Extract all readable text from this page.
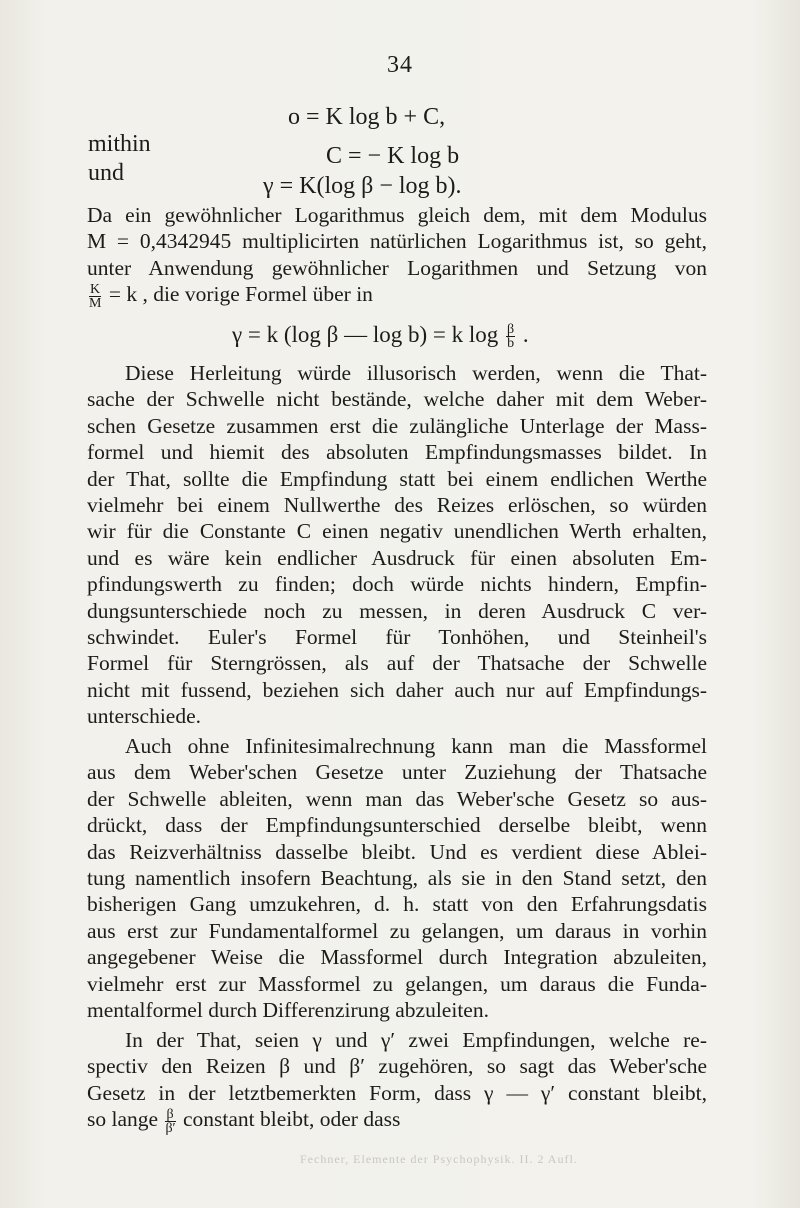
34
o = K log b + C,
mithin	C = − K log b
und	γ = K(log β − log b).
Da ein gewöhnlicher Logarithmus gleich dem, mit dem Modulus
M = 0,4342945 multiplicirten natürlichen Logarithmus ist, so geht,
unter Anwendung gewöhnlicher Logarithmen und Setzung von
$\frac{K}{M} = k$ , die vorige Formel über in
γ = k (log β — log b) = k $\log \frac{\beta}{b}$ .
Diese Herleitung würde illusorisch werden, wenn die That-
sache der Schwelle nicht bestände, welche daher mit dem Weber-
schen Gesetze zusammen erst die zulängliche Unterlage der Mass-
formel und hiemit des absoluten Empfindungsmasses bildet. In
der That, sollte die Empfindung statt bei einem endlichen Werthe
vielmehr bei einem Nullwerthe des Reizes erlöschen, so würden
wir für die Constante C einen negativ unendlichen Werth erhalten,
und es wäre kein endlicher Ausdruck für einen absoluten Em-
pfindungswerth zu finden; doch würde nichts hindern, Empfin-
dungsunterschiede noch zu messen, in deren Ausdruck C ver-
schwindet. Euler's Formel für Tonhöhen, und Steinheil's
Formel für Sterngrössen, als auf der Thatsache der Schwelle
nicht mit fussend, beziehen sich daher auch nur auf Empfindungs-
unterschiede.
Auch ohne Infinitesimalrechnung kann man die Massformel
aus dem Weber'schen Gesetze unter Zuziehung der Thatsache
der Schwelle ableiten, wenn man das Weber'sche Gesetz so aus-
drückt, dass der Empfindungsunterschied derselbe bleibt, wenn
das Reizverhältniss dasselbe bleibt. Und es verdient diese Ablei-
tung namentlich insofern Beachtung, als sie in den Stand setzt, den
bisherigen Gang umzukehren, d. h. statt von den Erfahrungsdatis
aus erst zur Fundamentalformel zu gelangen, um daraus in vorhin
angegebener Weise die Massformel durch Integration abzuleiten,
vielmehr erst zur Massformel zu gelangen, um daraus die Funda-
mentalformel durch Differenzirung abzuleiten.
In der That, seien γ und γ′ zwei Empfindungen, welche re-
spectiv den Reizen β und β′ zugehören, so sagt das Weber'sche
Gesetz in der letztbemerkten Form, dass γ — γ′ constant bleibt,
so lange $\frac{\beta}{\beta'}$ constant bleibt, oder dass
Fechner, Elemente der Psychophysik. II. 2 Aufl.
